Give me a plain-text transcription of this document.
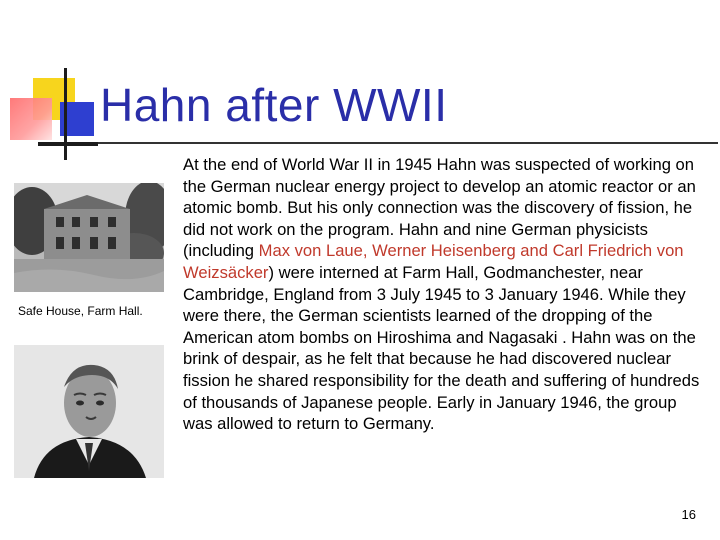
Hahn after WWII
Safe House, Farm Hall.
At the end of World War II in 1945 Hahn was suspected of working on the German nuclear energy project to develop an atomic reactor or an atomic bomb. But his only connection was the discovery of fission, he did not work on the program. Hahn and nine German physicists (including Max von Laue, Werner Heisenberg and Carl Friedrich von Weizsäcker) were interned at Farm Hall, Godmanchester, near Cambridge, England from 3 July 1945 to 3 January 1946. While they were there, the German scientists learned of the dropping of the American atom bombs on Hiroshima and Nagasaki . Hahn was on the brink of despair, as he felt that because he had discovered nuclear fission he shared responsibility for the death and suffering of hundreds of thousands of Japanese people. Early in January 1946, the group was allowed to return to Germany.
16
